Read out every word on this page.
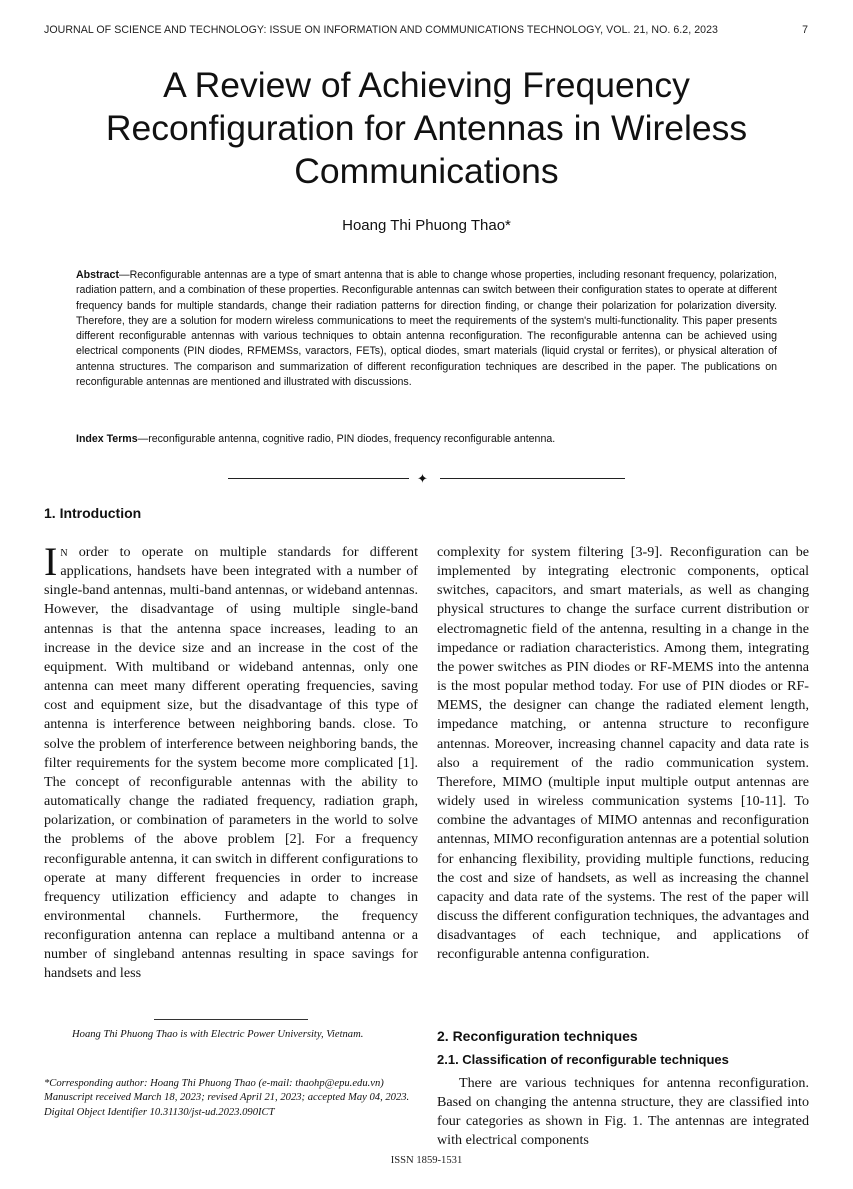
JOURNAL OF SCIENCE AND TECHNOLOGY: ISSUE ON INFORMATION AND COMMUNICATIONS TECHNOLOGY, VOL. 21, NO. 6.2, 2023	7
A Review of Achieving Frequency
Reconfiguration for Antennas in Wireless
Communications
Hoang Thi Phuong Thao*
Abstract—Reconfigurable antennas are a type of smart antenna that is able to change whose properties, including resonant frequency, polarization, radiation pattern, and a combination of these properties. Reconfigurable antennas can switch between their configuration states to operate at different frequency bands for multiple standards, change their radiation patterns for direction finding, or change their polarization for polarization diversity. Therefore, they are a solution for modern wireless communications to meet the requirements of the system's multi-functionality. This paper presents different reconfigurable antennas with various techniques to obtain antenna reconfiguration. The reconfigurable antenna can be achieved using electrical components (PIN diodes, RFMEMSs, varactors, FETs), optical diodes, smart materials (liquid crystal or ferrites), or physical alteration of antenna structures. The comparison and summarization of different reconfiguration techniques are described in the paper. The publications on reconfigurable antennas are mentioned and illustrated with discussions.
Index Terms—reconfigurable antenna, cognitive radio, PIN diodes, frequency reconfigurable antenna.
✦
1. Introduction
In order to operate on multiple standards for different applications, handsets have been integrated with a number of single-band antennas, multi-band antennas, or wideband antennas. However, the disadvantage of using multiple single-band antennas is that the antenna space increases, leading to an increase in the device size and an increase in the cost of the equipment. With multiband or wideband antennas, only one antenna can meet many different operating frequencies, saving cost and equipment size, but the disadvantage of this type of antenna is interference between neighboring bands. close. To solve the problem of interference between neighboring bands, the filter requirements for the system become more complicated [1]. The concept of reconfigurable antennas with the ability to automatically change the radiated frequency, radiation graph, polarization, or combination of parameters in the world to solve the problems of the above problem [2]. For a frequency reconfigurable antenna, it can switch in different configurations to operate at many different frequencies in order to increase frequency utilization efficiency and adapte to changes in environmental channels. Furthermore, the frequency reconfiguration antenna can replace a multiband antenna or a number of singleband antennas resulting in space savings for handsets and less
complexity for system filtering [3-9]. Reconfiguration can be implemented by integrating electronic components, optical switches, capacitors, and smart materials, as well as changing physical structures to change the surface current distribution or electromagnetic field of the antenna, resulting in a change in the impedance or radiation characteristics. Among them, integrating the power switches as PIN diodes or RF-MEMS into the antenna is the most popular method today. For use of PIN diodes or RF-MEMS, the designer can change the radiated element length, impedance matching, or antenna structure to reconfigure antennas. Moreover, increasing channel capacity and data rate is also a requirement of the radio communication system. Therefore, MIMO (multiple input multiple output antennas are widely used in wireless communication systems [10-11]. To combine the advantages of MIMO antennas and reconfiguration antennas, MIMO reconfiguration antennas are a potential solution for enhancing flexibility, providing multiple functions, reducing the cost and size of handsets, as well as increasing the channel capacity and data rate of the systems. The rest of the paper will discuss the different configuration techniques, the advantages and disadvantages of each technique, and applications of reconfigurable antenna configuration.
Hoang Thi Phuong Thao is with Electric Power University, Vietnam.
*Corresponding author: Hoang Thi Phuong Thao (e-mail: thaohp@epu.edu.vn)
Manuscript received March 18, 2023; revised April 21, 2023; accepted May 04, 2023.
Digital Object Identifier 10.31130/jst-ud.2023.090ICT
2. Reconfiguration techniques
2.1. Classification of reconfigurable techniques
There are various techniques for antenna reconfiguration. Based on changing the antenna structure, they are classified into four categories as shown in Fig. 1. The antennas are integrated with electrical components
ISSN 1859-1531
